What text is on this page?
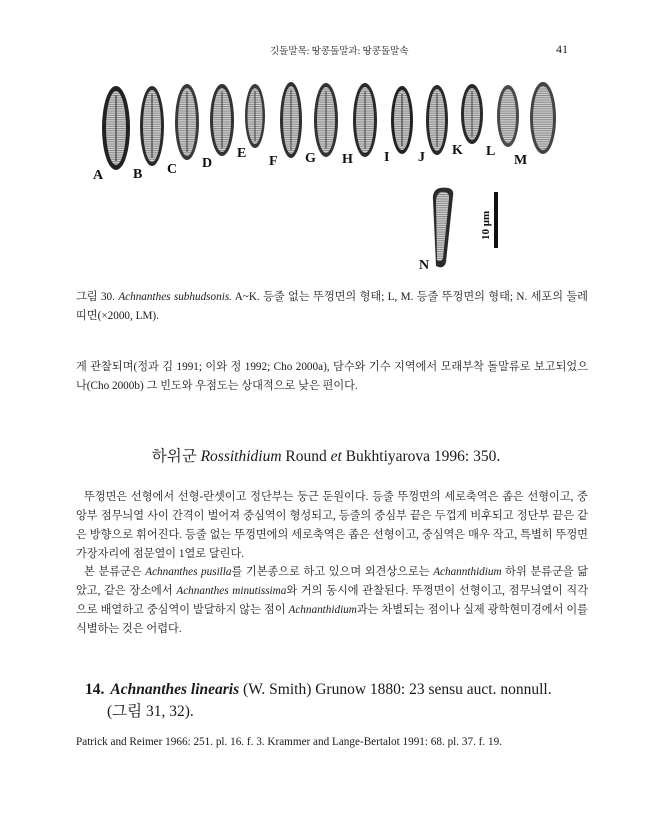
깃돌말목: 땅콩돌말과: 땅콩돌말속	41
A B C D
E
F G H I J K L
M
N
10 μm
그림 30. Achnanthes subhudsonis. A~K. 등줄 없는 뚜껑면의 형태; L, M. 등줄 뚜껑면의 형태; N. 세포의 둘레띠면(×2000, LM).

게 관찰되며(정과 김 1991; 이와 정 1992; Cho 2000a), 담수와 기수 지역에서 모래부착 돌말류로 보고되었으나(Cho 2000b) 그 빈도와 우점도는 상대적으로 낮은 편이다.

하위군 Rossithidium Round et Bukhtiyarova 1996: 350.

뚜껑면은 선형에서 선형-란셋이고 정단부는 둥근 둔원이다. 등줄 뚜껑면의 세로축역은 좁은 선형이고, 중앙부 점무늬열 사이 간격이 벌어져 중심역이 형성되고, 등줄의 중심부 끝은 두껍게 비후되고 정단부 끝은 같은 방향으로 휘어진다. 등줄 없는 뚜껑면에의 세로축역은 좁은 선형이고, 중심역은 매우 작고, 특별히 뚜껑면 가장자리에 점문열이 1열로 달린다.

본 분류군은 Achnanthes pusilla를 기본종으로 하고 있으며 외견상으로는 Achannthidium 하위 분류군을 닮았고, 같은 장소에서 Achnanthes minutissima와 거의 동시에 관찰된다. 뚜껑면이 선형이고, 점무늬열이 직각으로 배열하고 중심역이 발달하지 않는 점이 Achnanthidium과는 차별되는 점이나 실제 광학현미경에서 이를 식별하는 것은 어렵다.

14. Achnanthes linearis (W. Smith) Grunow 1880: 23 sensu auct. nonnull.
(그림 31, 32).
Patrick and Reimer 1966: 251. pl. 16. f. 3. Krammer and Lange-Bertalot 1991: 68. pl. 37. f. 19.
